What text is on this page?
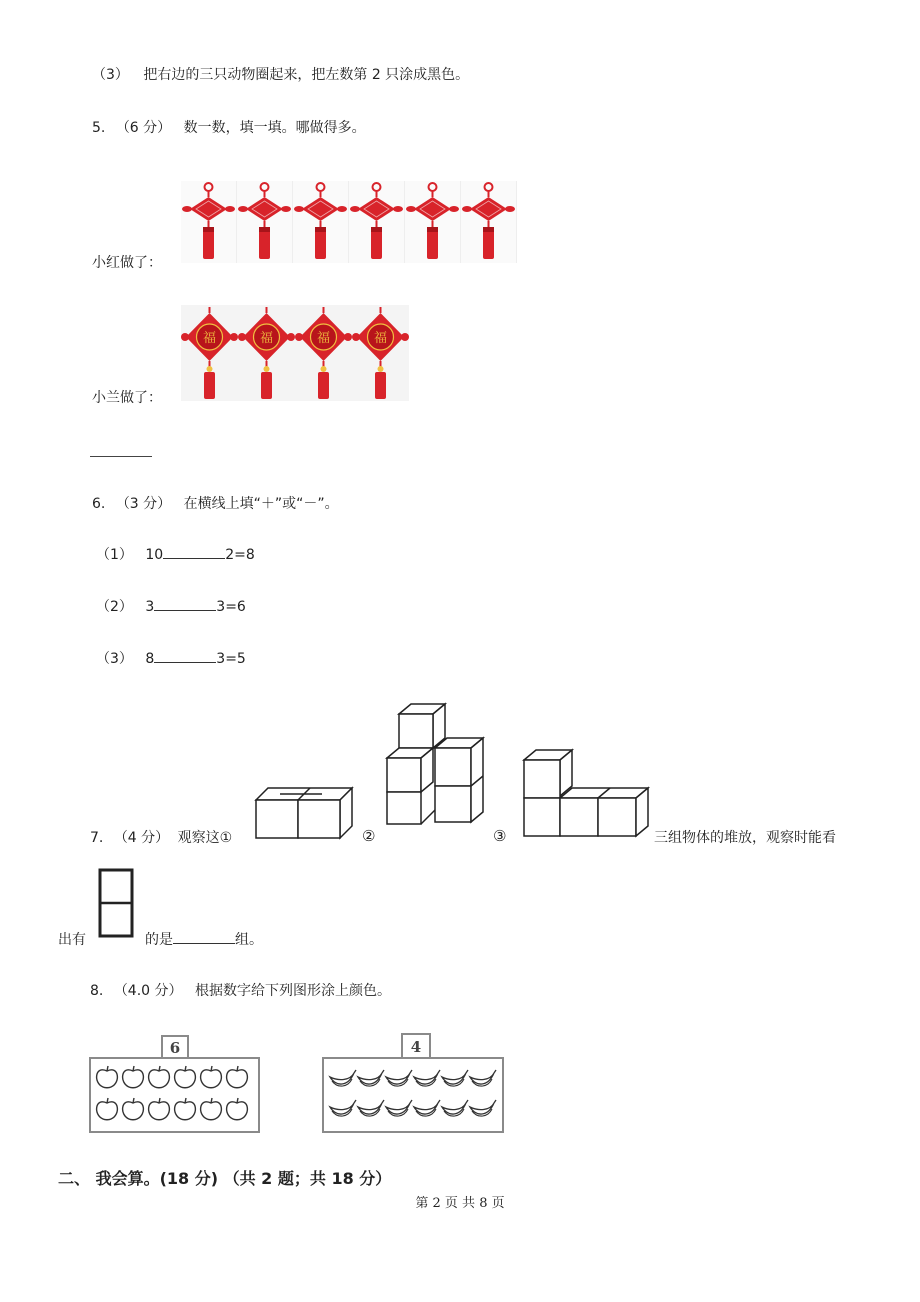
（3） 把右边的三只动物圈起来，把左数第 2 只涂成黑色。
5. （6 分） 数一数，填一填。哪做得多。
小红做了：
福	福	福	福
小兰做了：
6. （3 分） 在横线上填“＋”或“－”。
（1） 10	2=8
（2） 3	3=6
（3） 8	3=5
7. （4 分） 观察这①	②	③	三组物体的堆放，观察时能看
出有	的是	组。
8. （4.0 分） 根据数字给下列图形涂上颜色。
6	4
二、 我会算。(18 分) （共 2 题；共 18 分）
第 2 页 共 8 页
